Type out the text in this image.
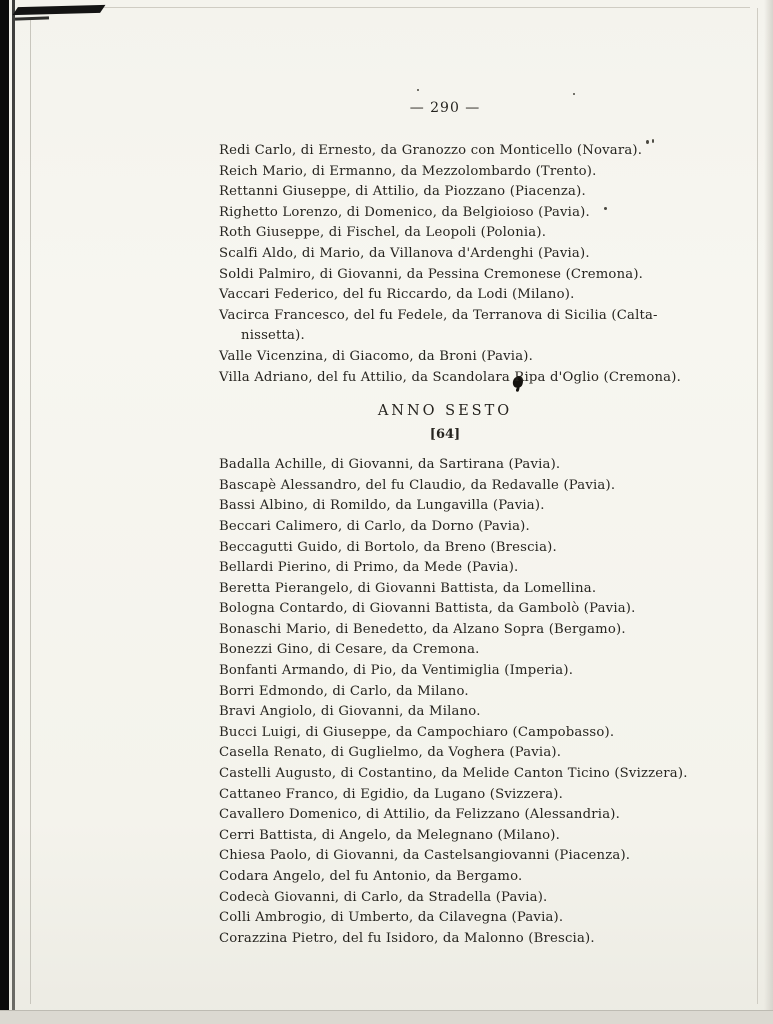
— 290 —

Redi Carlo, di Ernesto, da Granozzo con Monticello (Novara).

Reich Mario, di Ermanno, da Mezzolombardo (Trento).

Rettanni Giuseppe, di Attilio, da Piozzano (Piacenza).

Righetto Lorenzo, di Domenico, da Belgioioso (Pavia).

Roth Giuseppe, di Fischel, da Leopoli (Polonia).

Scalfi Aldo, di Mario, da Villanova d'Ardenghi (Pavia).

Soldi Palmiro, di Giovanni, da Pessina Cremonese (Cremona).

Vaccari Federico, del fu Riccardo, da Lodi (Milano).

Vacirca Francesco, del fu Fedele, da Terranova di Sicilia (Calta-

nissetta).

Valle Vicenzina, di Giacomo, da Broni (Pavia).

Villa Adriano, del fu Attilio, da Scandolara Ripa d'Oglio (Cremona).

ANNO SESTO
[64]

Badalla Achille, di Giovanni, da Sartirana (Pavia).

Bascapè Alessandro, del fu Claudio, da Redavalle (Pavia).

Bassi Albino, di Romildo, da Lungavilla (Pavia).

Beccari Calimero, di Carlo, da Dorno (Pavia).

Beccagutti Guido, di Bortolo, da Breno (Brescia).

Bellardi Pierino, di Primo, da Mede (Pavia).

Beretta Pierangelo, di Giovanni Battista, da Lomellina.

Bologna Contardo, di Giovanni Battista, da Gambolò (Pavia).

Bonaschi Mario, di Benedetto, da Alzano Sopra (Bergamo).

Bonezzi Gino, di Cesare, da Cremona.

Bonfanti Armando, di Pio, da Ventimiglia (Imperia).

Borri Edmondo, di Carlo, da Milano.

Bravi Angiolo, di Giovanni, da Milano.

Bucci Luigi, di Giuseppe, da Campochiaro (Campobasso).

Casella Renato, di Guglielmo, da Voghera (Pavia).

Castelli Augusto, di Costantino, da Melide Canton Ticino (Svizzera).

Cattaneo Franco, di Egidio, da Lugano (Svizzera).

Cavallero Domenico, di Attilio, da Felizzano (Alessandria).

Cerri Battista, di Angelo, da Melegnano (Milano).

Chiesa Paolo, di Giovanni, da Castelsangiovanni (Piacenza).

Codara Angelo, del fu Antonio, da Bergamo.

Codecà Giovanni, di Carlo, da Stradella (Pavia).

Colli Ambrogio, di Umberto, da Cilavegna (Pavia).

Corazzina Pietro, del fu Isidoro, da Malonno (Brescia).
